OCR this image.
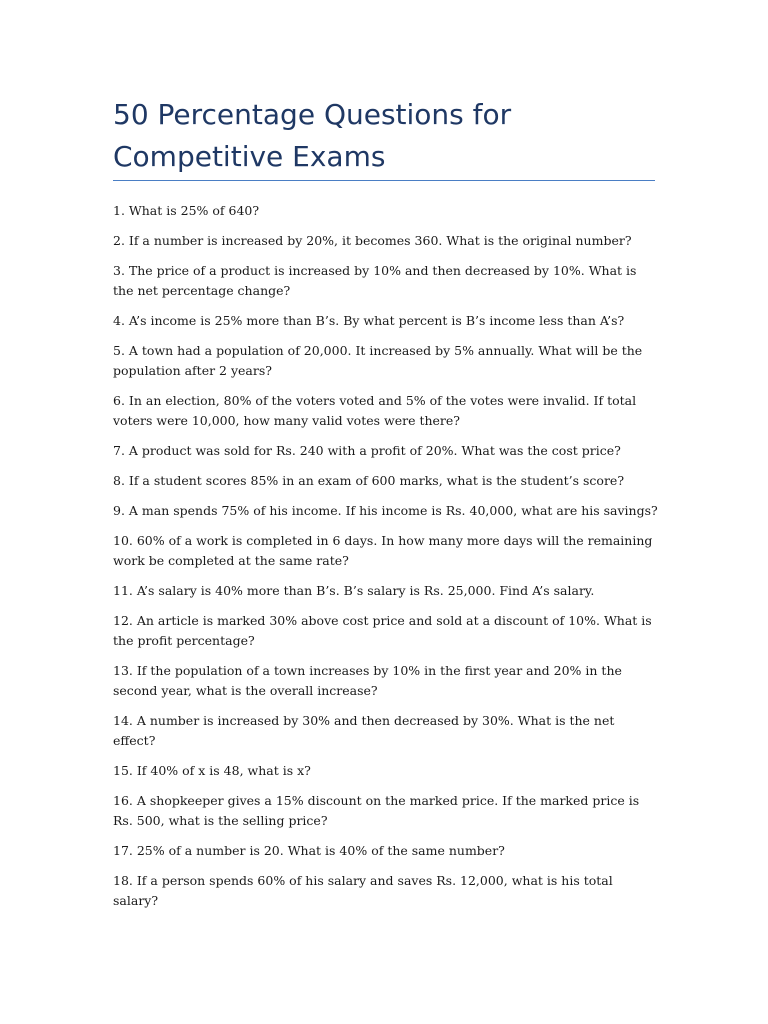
50 Percentage Questions for Competitive Exams
1. What is 25% of 640?
2. If a number is increased by 20%, it becomes 360. What is the original number?
3. The price of a product is increased by 10% and then decreased by 10%. What is the net percentage change?
4. A’s income is 25% more than B’s. By what percent is B’s income less than A’s?
5. A town had a population of 20,000. It increased by 5% annually. What will be the population after 2 years?
6. In an election, 80% of the voters voted and 5% of the votes were invalid. If total voters were 10,000, how many valid votes were there?
7. A product was sold for Rs. 240 with a profit of 20%. What was the cost price?
8. If a student scores 85% in an exam of 600 marks, what is the student’s score?
9. A man spends 75% of his income. If his income is Rs. 40,000, what are his savings?
10. 60% of a work is completed in 6 days. In how many more days will the remaining work be completed at the same rate?
11. A’s salary is 40% more than B’s. B’s salary is Rs. 25,000. Find A’s salary.
12. An article is marked 30% above cost price and sold at a discount of 10%. What is the profit percentage?
13. If the population of a town increases by 10% in the first year and 20% in the second year, what is the overall increase?
14. A number is increased by 30% and then decreased by 30%. What is the net effect?
15. If 40% of x is 48, what is x?
16. A shopkeeper gives a 15% discount on the marked price. If the marked price is Rs. 500, what is the selling price?
17. 25% of a number is 20. What is 40% of the same number?
18. If a person spends 60% of his salary and saves Rs. 12,000, what is his total salary?
